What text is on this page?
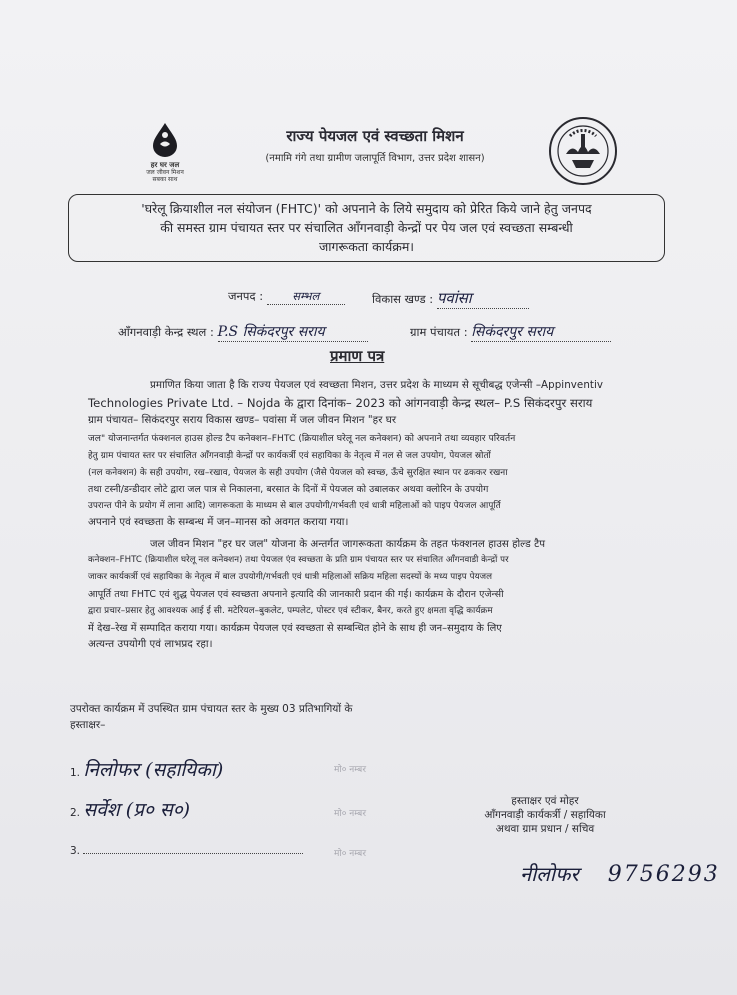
हर घर जल
जल जीवन मिशन
सबका साथ
राज्य पेयजल एवं स्वच्छता मिशन
(नमामि गंगे तथा ग्रामीण जलापूर्ति विभाग, उत्तर प्रदेश शासन)
'घरेलू क्रियाशील नल संयोजन (FHTC)' को अपनाने के लिये समुदाय को प्रेरित किये जाने हेतु जनपद
की समस्त ग्राम पंचायत स्तर पर संचालित आँगनवाड़ी केन्द्रों पर पेय जल एवं स्वच्छता सम्बन्धी
जागरूकता कार्यक्रम।
जनपद :	सम्भल	विकास खण्ड : पवांसा
आँगनवाड़ी केन्द्र स्थल : P.S सिकंदरपुर सराय	ग्राम पंचायत : सिकंदरपुर सराय
प्रमाण पत्र
प्रमाणित किया जाता है कि राज्य पेयजल एवं स्वच्छता मिशन, उत्तर प्रदेश के माध्यम से सूचीबद्ध एजेन्सी –Appinventiv
Technologies Private Ltd. – Nojda के द्वारा दिनांक– 2023 को आंगनवाड़ी केन्द्र स्थल– P.S सिकंदरपुर सराय
ग्राम पंचायत– सिकंदरपुर सराय विकास खण्ड– पवांसा में जल जीवन मिशन "हर घर
जल" योजनान्तर्गत फंक्शनल हाउस होल्ड टैप कनेक्शन–FHTC (क्रियाशील घरेलू नल कनेक्शन) को अपनाने तथा व्यवहार परिवर्तन
हेतु ग्राम पंचायत स्तर पर संचालित आँगनवाड़ी केन्द्रों पर कार्यकर्त्री एवं सहायिका के नेतृत्व में नल से जल उपयोग, पेयजल स्रोतों
(नल कनेक्शन) के सही उपयोग, रख–रखाव, पेयजल के सही उपयोग (जैसे पेयजल को स्वच्छ, ऊँचे सुरक्षित स्थान पर ढककर रखना
तथा टस्नी/डन्डीदार लोटे द्वारा जल पात्र से निकालना, बरसात के दिनों में पेयजल को उबालकर अथवा क्लोरिन के उपयोग
उपरान्त पीने के प्रयोग में लाना आदि) जागरूकता के माध्यम से बाल उपयोगी/गर्भवती एवं धात्री महिलाओं को पाइप पेयजल आपूर्ति
अपनाने एवं स्वच्छता के सम्बन्ध में जन–मानस को अवगत कराया गया।
जल जीवन मिशन "हर घर जल" योजना के अन्तर्गत जागरूकता कार्यक्रम के तहत फंक्शनल हाउस होल्ड टैप
कनेक्शन–FHTC (क्रियाशील घरेलू नल कनेक्शन) तथा पेयजल एंव स्वच्छता के प्रति ग्राम पंचायत स्तर पर संचालित आँगनवाडी केन्द्रों पर
जाकर कार्यकर्त्री एवं सहायिका के नेतृत्व में बाल उपयोगी/गर्भवती एवं धात्री महिलाओं सक्रिय महिला सदस्यों के मध्य पाइप पेयजल
आपूर्ति तथा FHTC एवं शुद्ध पेयजल एवं स्वच्छता अपनाने इत्यादि की जानकारी प्रदान की गई। कार्यक्रम के दौरान एजेन्सी
द्वारा प्रचार–प्रसार हेतु आवश्यक आई ई सी. मटेरियल–बुकलेट, पम्पलेट, पोस्टर एवं स्टीकर, बैनर, करते हुए क्षमता वृद्धि कार्यक्रम
में देख–रेख में सम्पादित कराया गया। कार्यक्रम पेयजल एवं स्वच्छता से सम्बन्धित होने के साथ ही जन–समुदाय के लिए
अत्यन्त उपयोगी एवं लाभप्रद रहा।
उपरोक्त कार्यक्रम में उपस्थित ग्राम पंचायत स्तर के मुख्य 03 प्रतिभागियों के
हस्ताक्षर–
1. निलोफर (सहायिका)	मो० नम्बर
2. सर्वेश (प्र० स०)	मो० नम्बर
3.	मो० नम्बर
हस्ताक्षर एवं मोहर
आँगनवाड़ी कार्यकर्त्री / सहायिका
अथवा ग्राम प्रधान / सचिव
नीलोफर 9756293
